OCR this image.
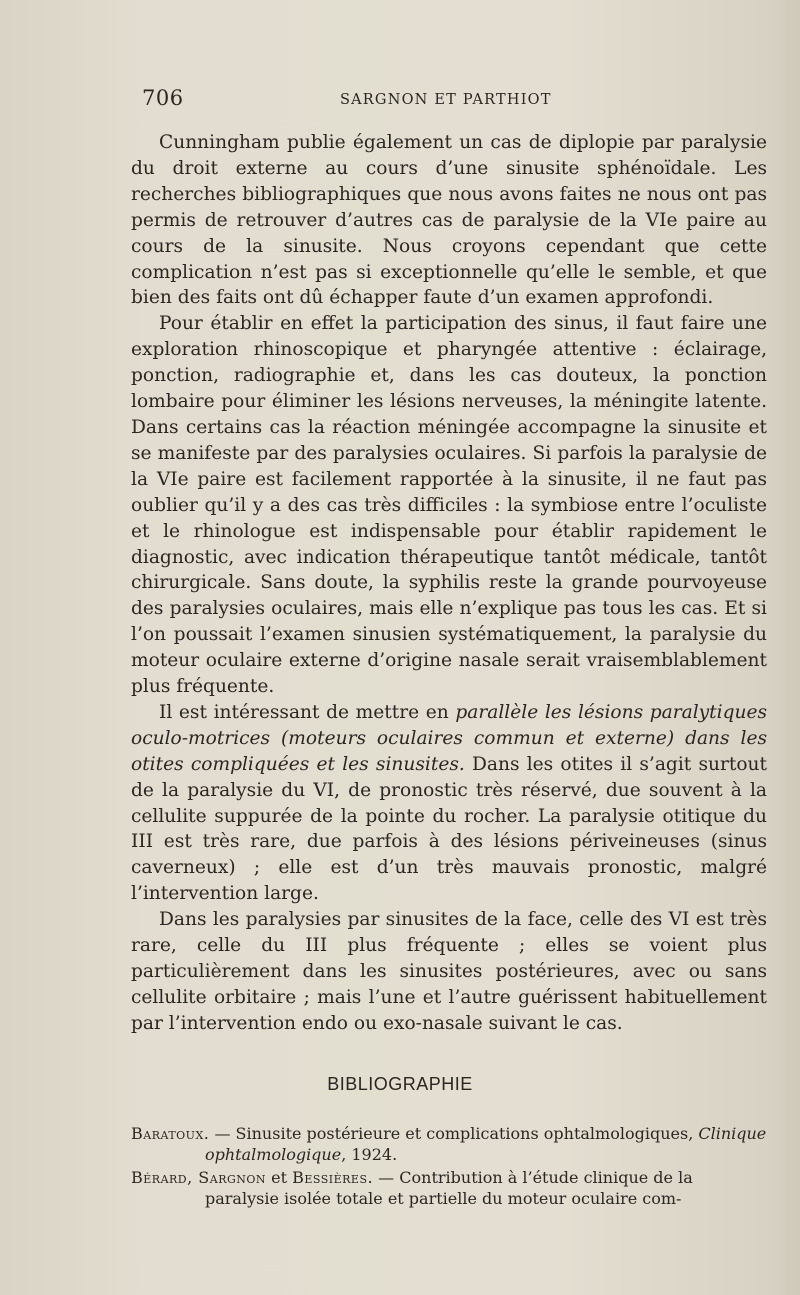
706	SARGNON ET PARTHIOT

Cunningham publie également un cas de diplopie par paralysie du droit externe au cours d’une sinusite sphénoïdale. Les recherches bibliographiques que nous avons faites ne nous ont pas permis de retrouver d’autres cas de paralysie de la VIe paire au cours de la sinusite. Nous croyons cependant que cette complication n’est pas si exceptionnelle qu’elle le semble, et que bien des faits ont dû échapper faute d’un examen approfondi.

Pour établir en effet la participation des sinus, il faut faire une exploration rhinoscopique et pharyngée attentive : éclairage, ponction, radiographie et, dans les cas douteux, la ponction lombaire pour éliminer les lésions nerveuses, la méningite latente. Dans certains cas la réaction méningée accompagne la sinusite et se manifeste par des paralysies oculaires. Si parfois la paralysie de la VIe paire est facilement rapportée à la sinusite, il ne faut pas oublier qu’il y a des cas très difficiles : la symbiose entre l’oculiste et le rhinologue est indispensable pour établir rapidement le diagnostic, avec indication thérapeutique tantôt médicale, tantôt chirurgicale. Sans doute, la syphilis reste la grande pourvoyeuse des paralysies oculaires, mais elle n’explique pas tous les cas. Et si l’on poussait l’examen sinusien systématiquement, la paralysie du moteur oculaire externe d’origine nasale serait vraisemblablement plus fréquente.

Il est intéressant de mettre en parallèle les lésions paralytiques oculo-motrices (moteurs oculaires commun et externe) dans les otites compliquées et les sinusites. Dans les otites il s’agit surtout de la paralysie du VI, de pronostic très réservé, due souvent à la cellulite suppurée de la pointe du rocher. La paralysie otitique du III est très rare, due parfois à des lésions périveineuses (sinus caverneux) ; elle est d’un très mauvais pronostic, malgré l’intervention large.

Dans les paralysies par sinusites de la face, celle des VI est très rare, celle du III plus fréquente ; elles se voient plus particulièrement dans les sinusites postérieures, avec ou sans cellulite orbitaire ; mais l’une et l’autre guérissent habituellement par l’intervention endo ou exo-nasale suivant le cas.

BIBLIOGRAPHIE

Baratoux. — Sinusite postérieure et complications ophtalmologiques, Clinique ophtalmologique, 1924.

Bérard, Sargnon et Bessières. — Contribution à l’étude clinique de la paralysie isolée totale et partielle du moteur oculaire com-
